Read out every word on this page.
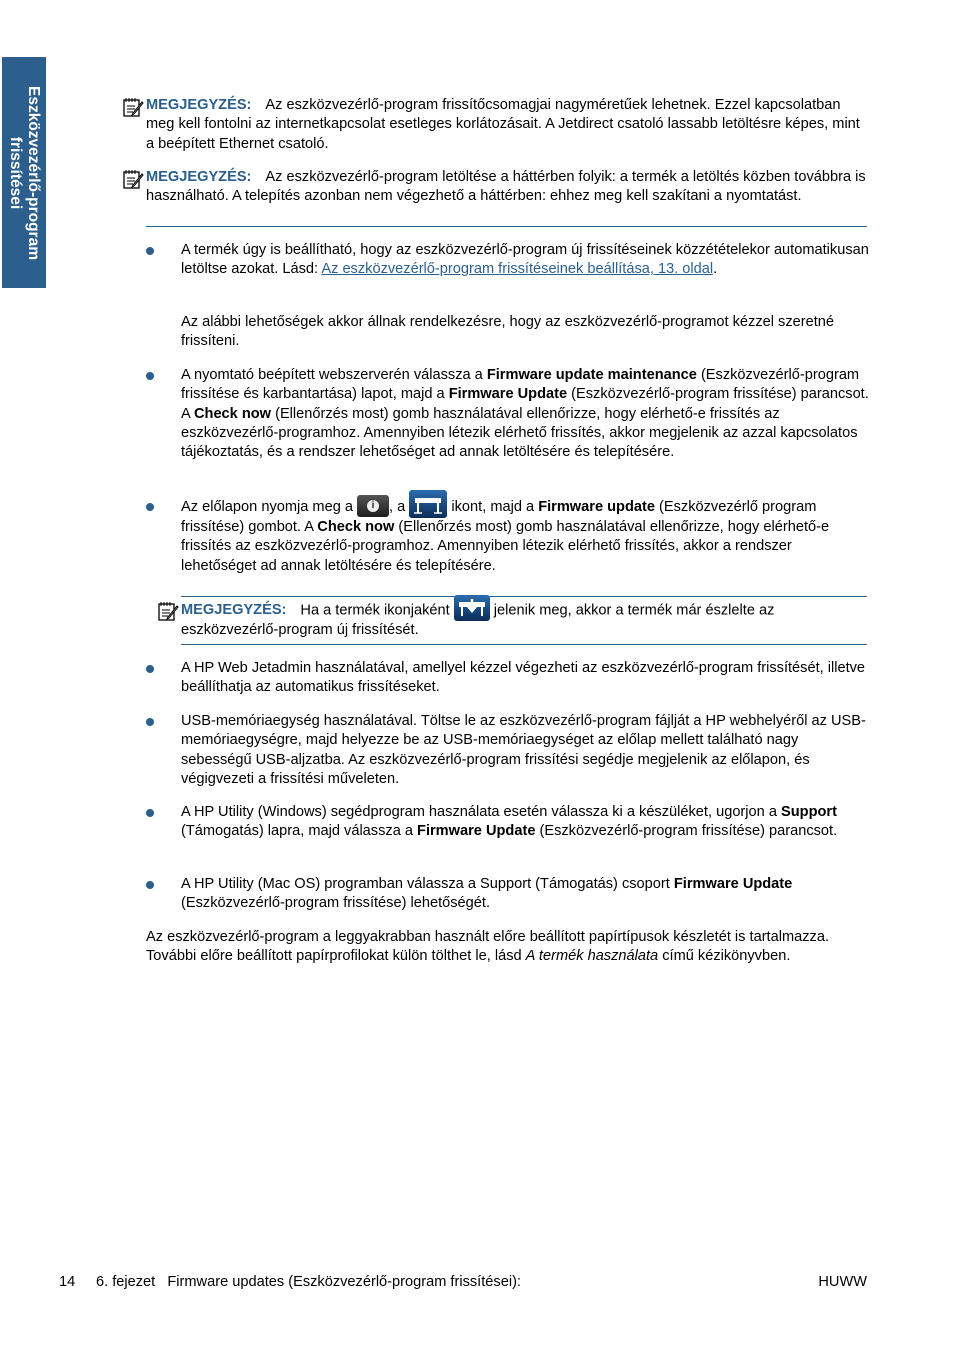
Eszközvezérlő-program
frissítései
MEGJEGYZÉS: Az eszközvezérlő-program frissítőcsomagjai nagyméretűek lehetnek. Ezzel kapcsolatban meg kell fontolni az internetkapcsolat esetleges korlátozásait. A Jetdirect csatoló lassabb letöltésre képes, mint a beépített Ethernet csatoló.
MEGJEGYZÉS: Az eszközvezérlő-program letöltése a háttérben folyik: a termék a letöltés közben továbbra is használható. A telepítés azonban nem végezhető a háttérben: ehhez meg kell szakítani a nyomtatást.
A termék úgy is beállítható, hogy az eszközvezérlő-program új frissítéseinek közzétételekor automatikusan letöltse azokat. Lásd: Az eszközvezérlő-program frissítéseinek beállítása, 13. oldal.
Az alábbi lehetőségek akkor állnak rendelkezésre, hogy az eszközvezérlő-programot kézzel szeretné frissíteni.
A nyomtató beépített webszerverén válassza a Firmware update maintenance (Eszközvezérlő-program frissítése és karbantartása) lapot, majd a Firmware Update (Eszközvezérlő-program frissítése) parancsot. A Check now (Ellenőrzés most) gomb használatával ellenőrizze, hogy elérhető-e frissítés az eszközvezérlő-programhoz. Amennyiben létezik elérhető frissítés, akkor megjelenik az azzal kapcsolatos tájékoztatás, és a rendszer lehetőséget ad annak letöltésére és telepítésére.
Az előlapon nyomja meg a	i	, a	ikont, majd a Firmware update (Eszközvezérlő program frissítése) gombot. A Check now (Ellenőrzés most) gomb használatával ellenőrizze, hogy elérhető-e frissítés az eszközvezérlő-programhoz. Amennyiben létezik elérhető frissítés, akkor a rendszer lehetőséget ad annak letöltésére és telepítésére.
MEGJEGYZÉS: Ha a termék ikonjaként
jelenik meg, akkor a termék már észlelte az eszközvezérlő-program új frissítését.
A HP Web Jetadmin használatával, amellyel kézzel végezheti az eszközvezérlő-program frissítését, illetve beállíthatja az automatikus frissítéseket.
USB-memóriaegység használatával. Töltse le az eszközvezérlő-program fájlját a HP webhelyéről az USB-memóriaegységre, majd helyezze be az USB-memóriaegységet az előlap mellett található nagy sebességű USB-aljzatba. Az eszközvezérlő-program frissítési segédje megjelenik az előlapon, és végigvezeti a frissítési műveleten.
A HP Utility (Windows) segédprogram használata esetén válassza ki a készüléket, ugorjon a Support (Támogatás) lapra, majd válassza a Firmware Update (Eszközvezérlő-program frissítése) parancsot.
A HP Utility (Mac OS) programban válassza a Support (Támogatás) csoport Firmware Update (Eszközvezérlő-program frissítése) lehetőségét.
Az eszközvezérlő-program a leggyakrabban használt előre beállított papírtípusok készletét is tartalmazza. További előre beállított papírprofilokat külön tölthet le, lásd A termék használata című kézikönyvben.
14 6. fejezet   Firmware updates (Eszközvezérlő-program frissítései):	HUWW
